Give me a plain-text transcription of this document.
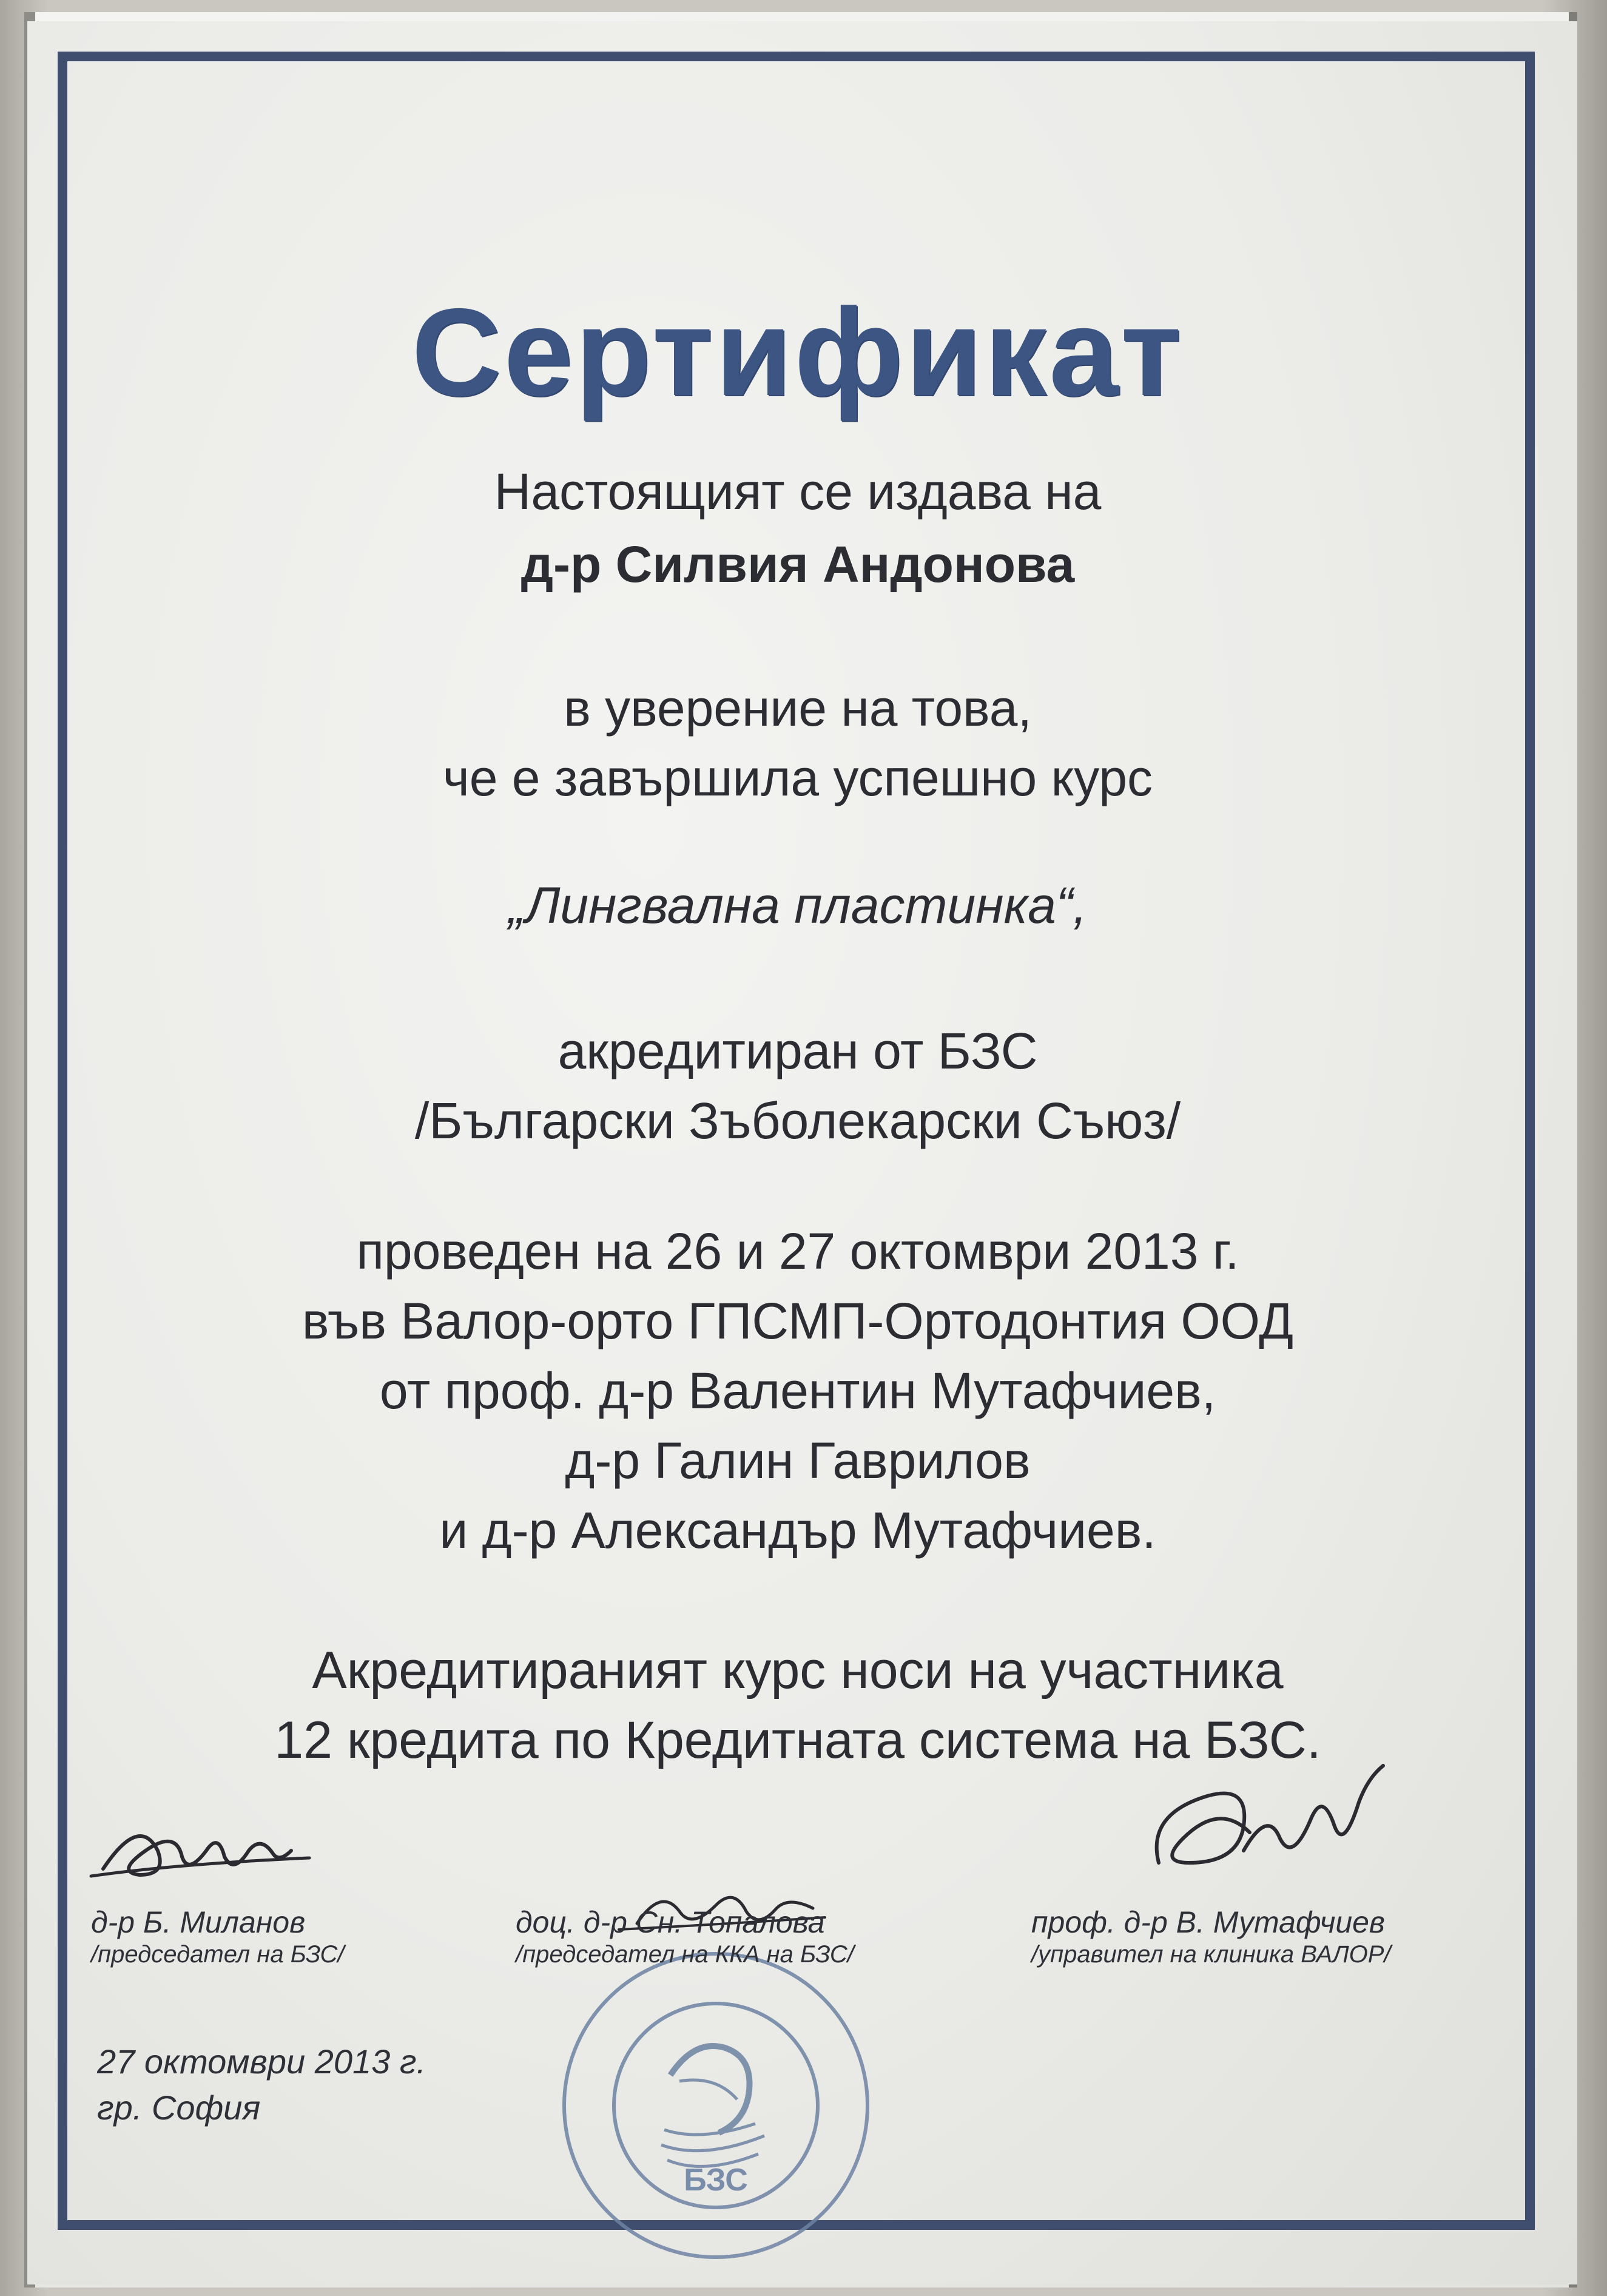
Сертификат
Настоящият се издава на
д-р Силвия Андонова
в уверение на това,
че е завършила успешно курс
„Лингвална пластинка“,
акредитиран от БЗС
/Български Зъболекарски Съюз/
проведен на 26 и 27 октомври 2013 г.
във Валор-орто ГПСМП-Ортодонтия ООД
от проф. д-р Валентин Мутафчиев,
д-р Галин Гаврилов
и д-р Александър Мутафчиев.
Акредитираният курс носи на участника
12 кредита по Кредитната система на БЗС.
БЗС
д-р Б. Миланов
/председател на БЗС/
доц. д-р Сн. Топалова
/председател на ККА на БЗС/
проф. д-р В. Мутафчиев
/управител на клиника ВАЛОР/
27 октомври 2013 г.
гр. София
